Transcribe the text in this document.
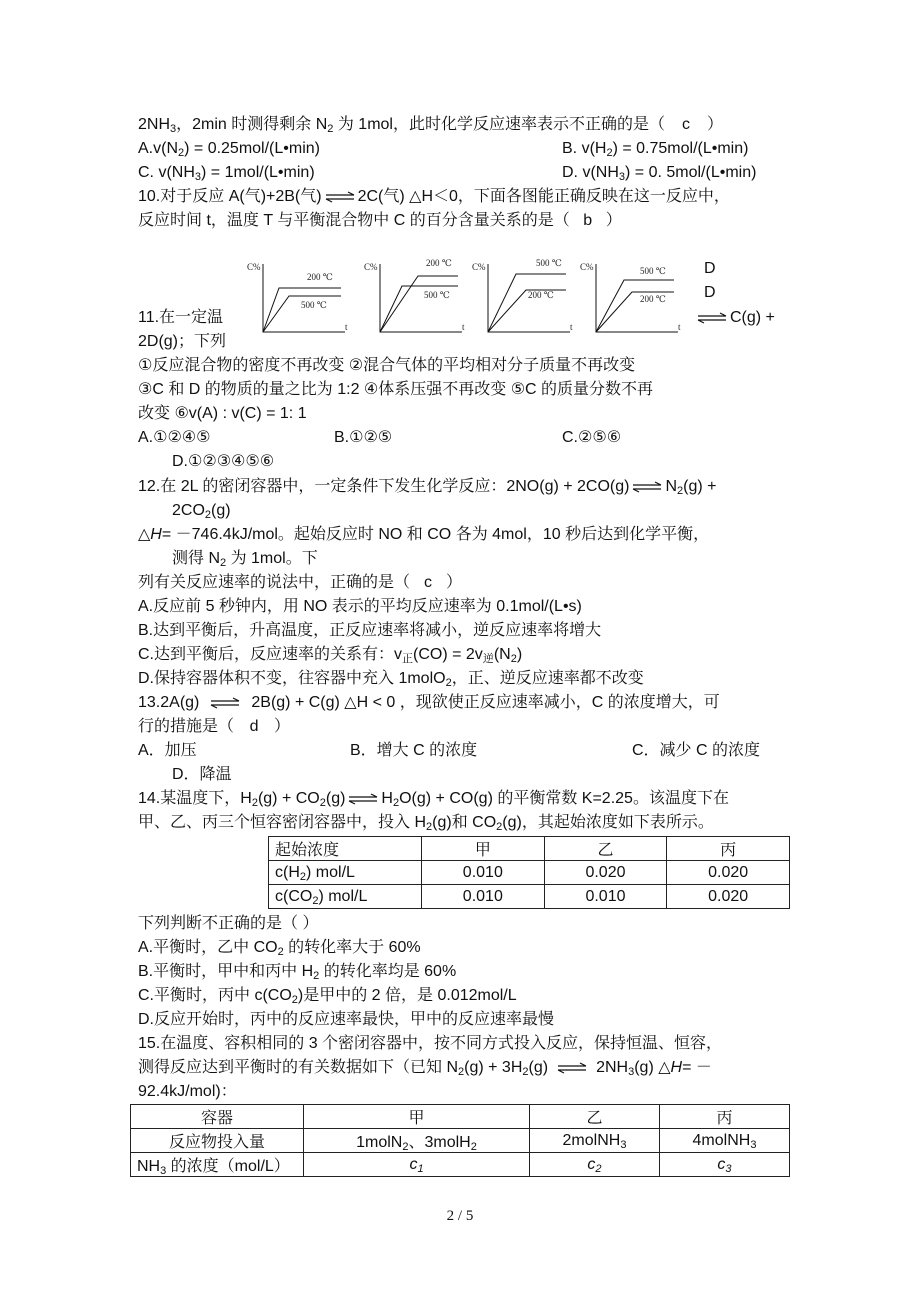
$2NH_3$，2min 时测得剩余 $N_2$ 为 1mol，此时化学反应速率表示不正确的是（ c ）
$A.v(N_2)$ = 0.25mol/(L•min)	B. $v(H_2)$ = 0.75mol/(L•min)
C. $v(NH_3)$ = 1mol/(L•min)	D. $v(NH_3) = 0$. 5mol/(L•min)
10.对于反应 A(气)+2B(气) ⇌ 2C(气) △H＜0，下面各图能正确反映在这一反应中，
反应时间 t，温度 T 与平衡混合物中 C 的百分含量关系的是（ b ）
C%
200 ℃
500 ℃
t
C%	200 ℃
500 ℃
t
C%	500 ℃
200 ℃
t
C%	500 ℃
200 ℃
t
D
D
11.在一定温	⇌ C(g) +
2D(g)；下列
①反应混合物的密度不再改变 ②混合气体的平均相对分子质量不再改变
③C 和 D 的物质的量之比为 1:2 ④体系压强不再改变 ⑤C 的质量分数不再
改变 ⑥v(A) : v(C) = 1: 1
A.①②④⑤	B.①②⑤	C.②⑤⑥
D.①②③④⑤⑥
12.在 2L 的密闭容器中，一定条件下发生化学反应：2NO(g) + 2CO(g) ⇌ $N_2(g)$ +
$2CO_2(g)$
△H= －746.4kJ/mol。起始反应时 NO 和 CO 各为 4mol，10 秒后达到化学平衡，
测得 $N_2$ 为 1mol。下
列有关反应速率的说法中，正确的是（ c ）
A.反应前 5 秒钟内，用 NO 表示的平均反应速率为 0.1mol/(L•s)
B.达到平衡后，升高温度，正反应速率将减小，逆反应速率将增大
C.达到平衡后，反应速率的关系有：$v_正(CO) = 2v_逆(N_2)$
D.保持容器体积不变，往容器中充入 1molO$_2$，正、逆反应速率都不改变
13.2A(g) ⇌ 2B(g) + C(g) △H < 0 ，现欲使正反应速率减小，C 的浓度增大，可
行的措施是（ d ）
A．加压	B．增大 C 的浓度	C．减少 C 的浓度
D．降温
14.某温度下，$H_2(g) + CO_2(g)$ ⇌ $H_2O(g) + CO(g)$ 的平衡常数 K=2.25。该温度下在
甲、乙、丙三个恒容密闭容器中，投入 $H_2(g)$和 $CO_2(g)$，其起始浓度如下表所示。
起始浓度	甲	乙	丙
$c(H_2)$ mol/L	0.010	0.020	0.020
$c(CO_2)$ mol/L	0.010	0.010	0.020
下列判断不正确的是（ ）
A.平衡时，乙中 $CO_2$ 的转化率大于 60%
B.平衡时，甲中和丙中 $H_2$ 的转化率均是 60%
C.平衡时，丙中 $c(CO_2)$是甲中的 2 倍，是 0.012mol/L
D.反应开始时，丙中的反应速率最快，甲中的反应速率最慢
15.在温度、容积相同的 3 个密闭容器中，按不同方式投入反应，保持恒温、恒容，
测得反应达到平衡时的有关数据如下（已知 $N_2(g) + 3H_2(g)$ ⇌ $2NH_3(g)$ △H= －
92.4kJ/mol)：
容器	甲	乙	丙
反应物投入量	1molN$_2$、3molH$_2$	2molNH$_3$	4molNH$_3$
$NH_3$ 的浓度（mol/L）	$c_1$	$c_2$	$c_3$
2 / 5
